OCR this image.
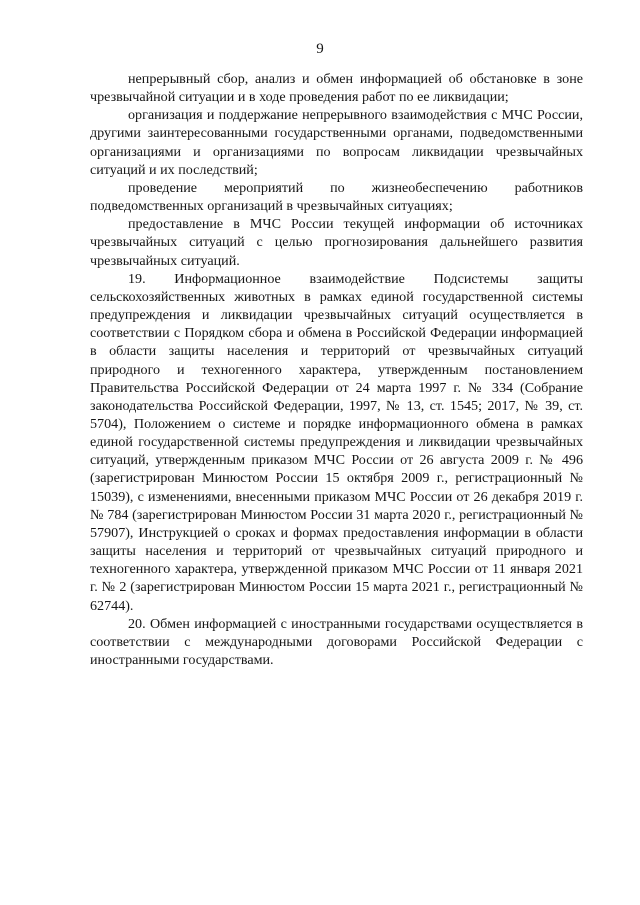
9

непрерывный сбор, анализ и обмен информацией об обстановке в зоне чрезвычайной ситуации и в ходе проведения работ по ее ликвидации;

организация и поддержание непрерывного взаимодействия с МЧС России, другими заинтересованными государственными органами, подведомственными организациями и организациями по вопросам ликвидации чрезвычайных ситуаций и их последствий;

проведение мероприятий по жизнеобеспечению работников подведомственных организаций в чрезвычайных ситуациях;

предоставление в МЧС России текущей информации об источниках чрезвычайных ситуаций с целью прогнозирования дальнейшего развития чрезвычайных ситуаций.

19. Информационное взаимодействие Подсистемы защиты сельскохозяйственных животных в рамках единой государственной системы предупреждения и ликвидации чрезвычайных ситуаций осуществляется в соответствии с Порядком сбора и обмена в Российской Федерации информацией в области защиты населения и территорий от чрезвычайных ситуаций природного и техногенного характера, утвержденным постановлением Правительства Российской Федерации от 24 марта 1997 г. № 334 (Собрание законодательства Российской Федерации, 1997, № 13, ст. 1545; 2017, № 39, ст. 5704), Положением о системе и порядке информационного обмена в рамках единой государственной системы предупреждения и ликвидации чрезвычайных ситуаций, утвержденным приказом МЧС России от 26 августа 2009 г. № 496 (зарегистрирован Минюстом России 15 октября 2009 г., регистрационный № 15039), с изменениями, внесенными приказом МЧС России от 26 декабря 2019 г. № 784 (зарегистрирован Минюстом России 31 марта 2020 г., регистрационный № 57907), Инструкцией о сроках и формах предоставления информации в области защиты населения и территорий от чрезвычайных ситуаций природного и техногенного характера, утвержденной приказом МЧС России от 11 января 2021 г. № 2 (зарегистрирован Минюстом России 15 марта 2021 г., регистрационный № 62744).

20. Обмен информацией с иностранными государствами осуществляется в соответствии с международными договорами Российской Федерации с иностранными государствами.
